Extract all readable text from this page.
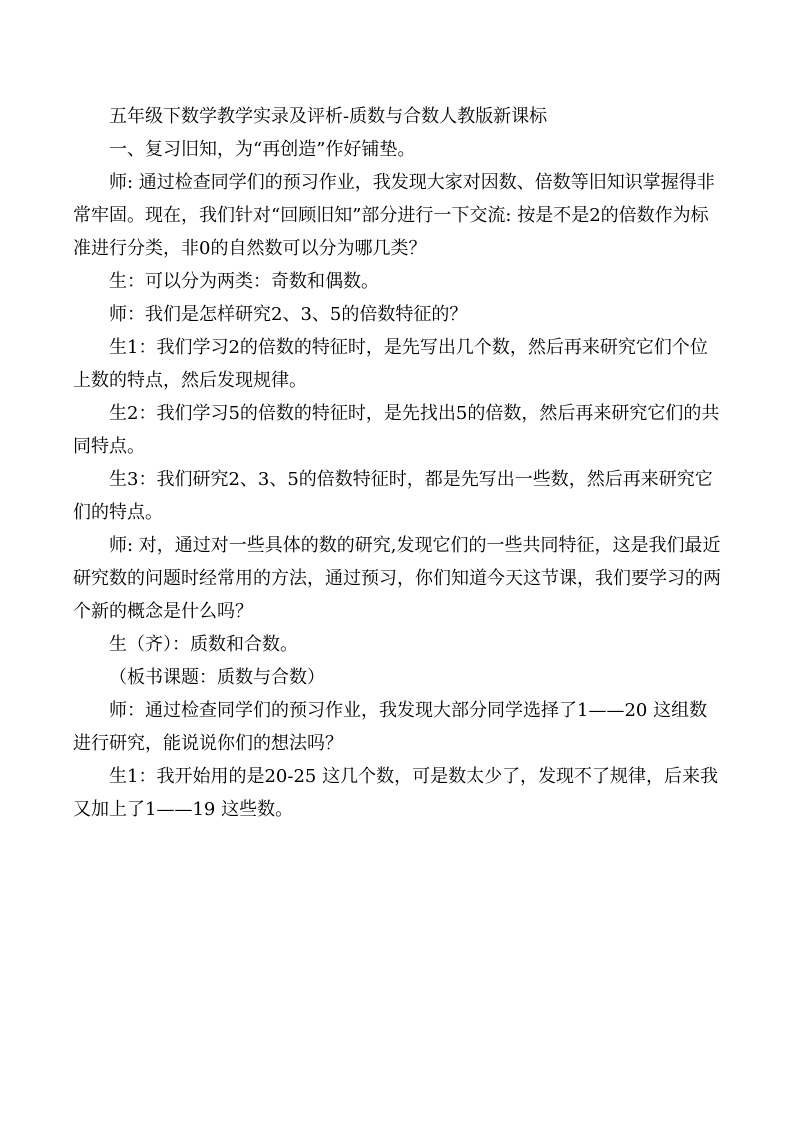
五年级下数学教学实录及评析-质数与合数人教版新课标

一、复习旧知，为“再创造”作好铺垫。

师: 通过检查同学们的预习作业，我发现大家对因数、倍数等旧知识掌握得非常牢固。现在，我们针对“回顾旧知”部分进行一下交流: 按是不是2的倍数作为标准进行分类，非0的自然数可以分为哪几类？

生：可以分为两类：奇数和偶数。

师：我们是怎样研究2、3、5的倍数特征的？

生1：我们学习2的倍数的特征时，是先写出几个数，然后再来研究它们个位上数的特点，然后发现规律。

生2：我们学习5的倍数的特征时，是先找出5的倍数，然后再来研究它们的共同特点。

生3：我们研究2、3、5的倍数特征时，都是先写出一些数，然后再来研究它们的特点。

师: 对，通过对一些具体的数的研究,发现它们的一些共同特征，这是我们最近研究数的问题时经常用的方法，通过预习，你们知道今天这节课，我们要学习的两个新的概念是什么吗？

生（齐）：质数和合数。

（板书课题：质数与合数）

师：通过检查同学们的预习作业，我发现大部分同学选择了1——20 这组数进行研究，能说说你们的想法吗？

生1：我开始用的是20-25 这几个数，可是数太少了，发现不了规律，后来我又加上了1——19 这些数。
